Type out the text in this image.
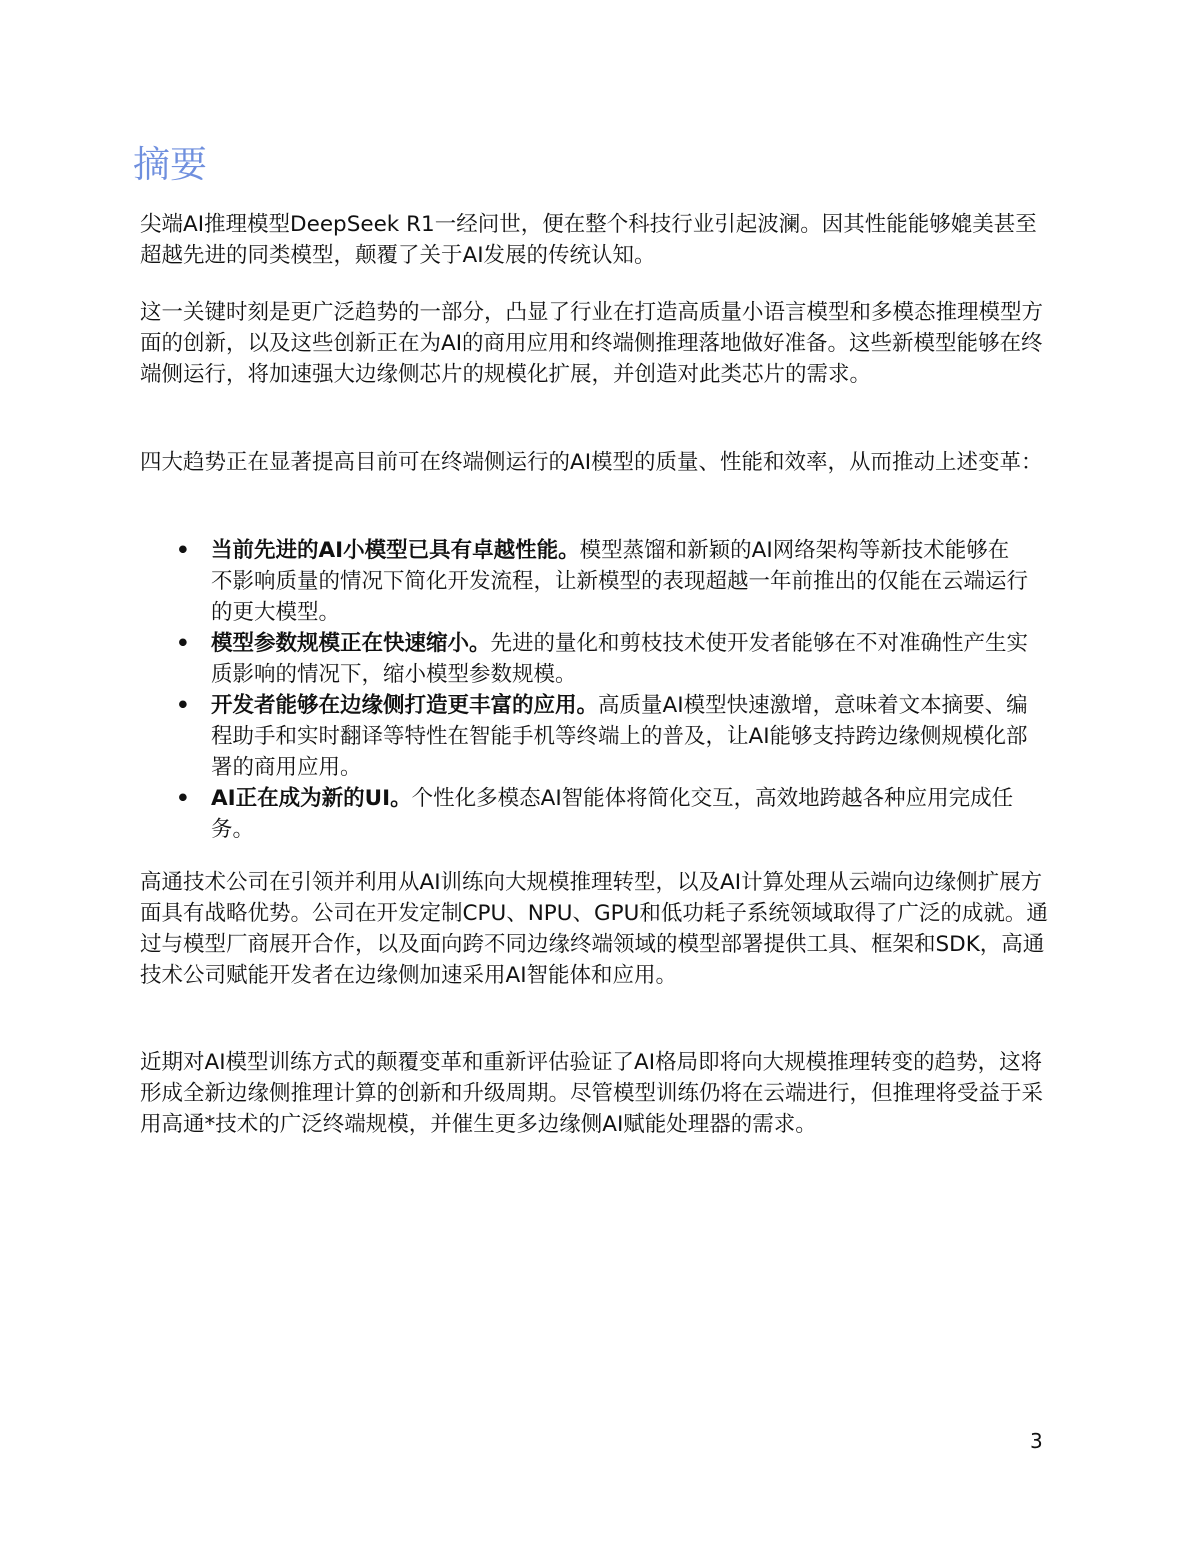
摘要

尖端AI推理模型DeepSeek R1一经问世，便在整个科技行业引起波澜。因其性能能够媲美甚至超越先进的同类模型，颠覆了关于AI发展的传统认知。

这一关键时刻是更广泛趋势的一部分，凸显了行业在打造高质量小语言模型和多模态推理模型方面的创新，以及这些创新正在为AI的商用应用和终端侧推理落地做好准备。这些新模型能够在终端侧运行，将加速强大边缘侧芯片的规模化扩展，并创造对此类芯片的需求。

四大趋势正在显著提高目前可在终端侧运行的AI模型的质量、性能和效率，从而推动上述变革：

• 当前先进的AI小模型已具有卓越性能。模型蒸馏和新颖的AI网络架构等新技术能够在不影响质量的情况下简化开发流程，让新模型的表现超越一年前推出的仅能在云端运行的更大模型。
• 模型参数规模正在快速缩小。先进的量化和剪枝技术使开发者能够在不对准确性产生实质影响的情况下，缩小模型参数规模。
• 开发者能够在边缘侧打造更丰富的应用。高质量AI模型快速激增，意味着文本摘要、编程助手和实时翻译等特性在智能手机等终端上的普及，让AI能够支持跨边缘侧规模化部署的商用应用。
• AI正在成为新的UI。个性化多模态AI智能体将简化交互，高效地跨越各种应用完成任务。

高通技术公司在引领并利用从AI训练向大规模推理转型，以及AI计算处理从云端向边缘侧扩展方面具有战略优势。公司在开发定制CPU、NPU、GPU和低功耗子系统领域取得了广泛的成就。通过与模型厂商展开合作，以及面向跨不同边缘终端领域的模型部署提供工具、框架和SDK，高通技术公司赋能开发者在边缘侧加速采用AI智能体和应用。

近期对AI模型训练方式的颠覆变革和重新评估验证了AI格局即将向大规模推理转变的趋势，这将形成全新边缘侧推理计算的创新和升级周期。尽管模型训练仍将在云端进行，但推理将受益于采用高通*技术的广泛终端规模，并催生更多边缘侧AI赋能处理器的需求。

3
